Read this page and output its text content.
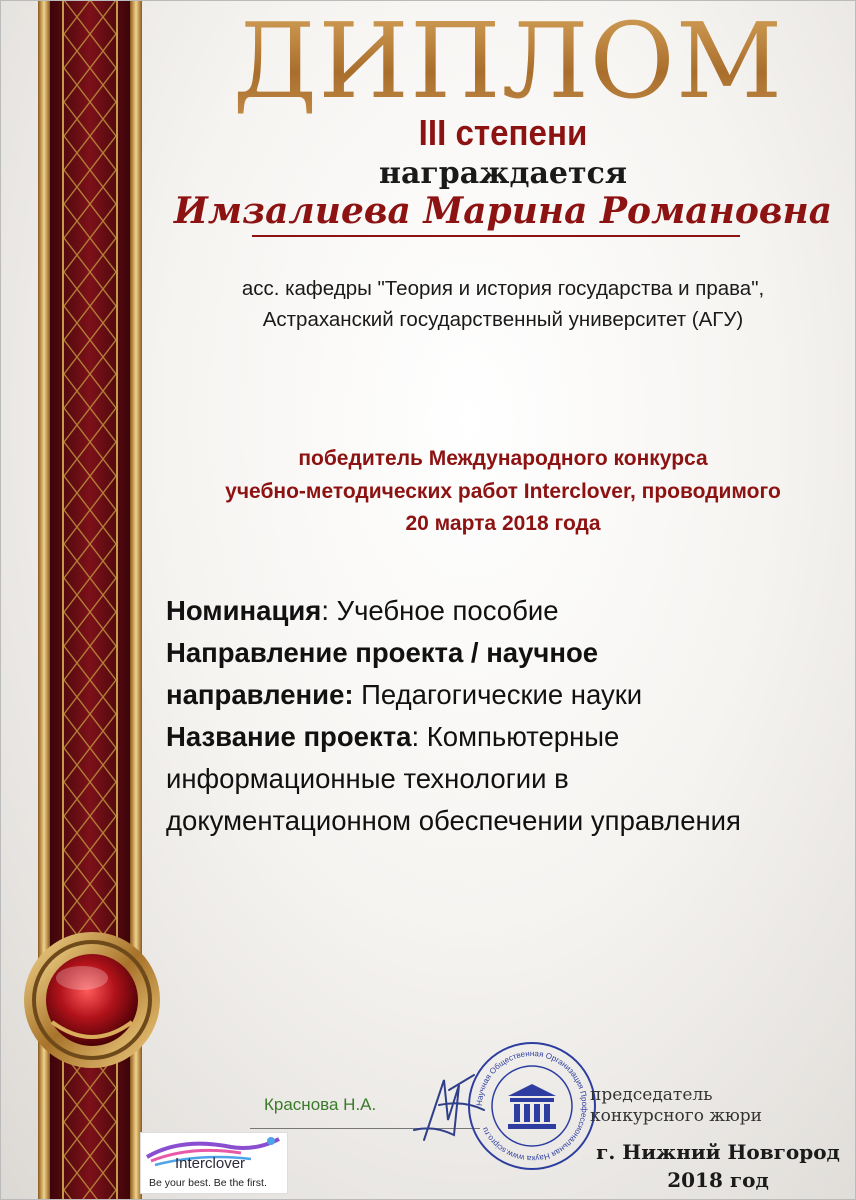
ДИПЛОМ
III степени
награждается
Имзалиева Марина Романовна
асс. кафедры "Теория и история государства и права",
Астраханский государственный университет (АГУ)
победитель Международного конкурса
учебно-методических работ Interclover, проводимого
20 марта 2018 года
Номинация: Учебное пособие
Направление проекта / научное
направление: Педагогические науки
Название проекта: Компьютерные
информационные технологии в
документационном обеспечении управления
Краснова Н.А.	Научная Общественная Организация Профессиональная Наука www.scipro.ru
председатель
конкурсного жюри
г. Нижний Новгород
2018 год
Interclover
Be your best. Be the first.
